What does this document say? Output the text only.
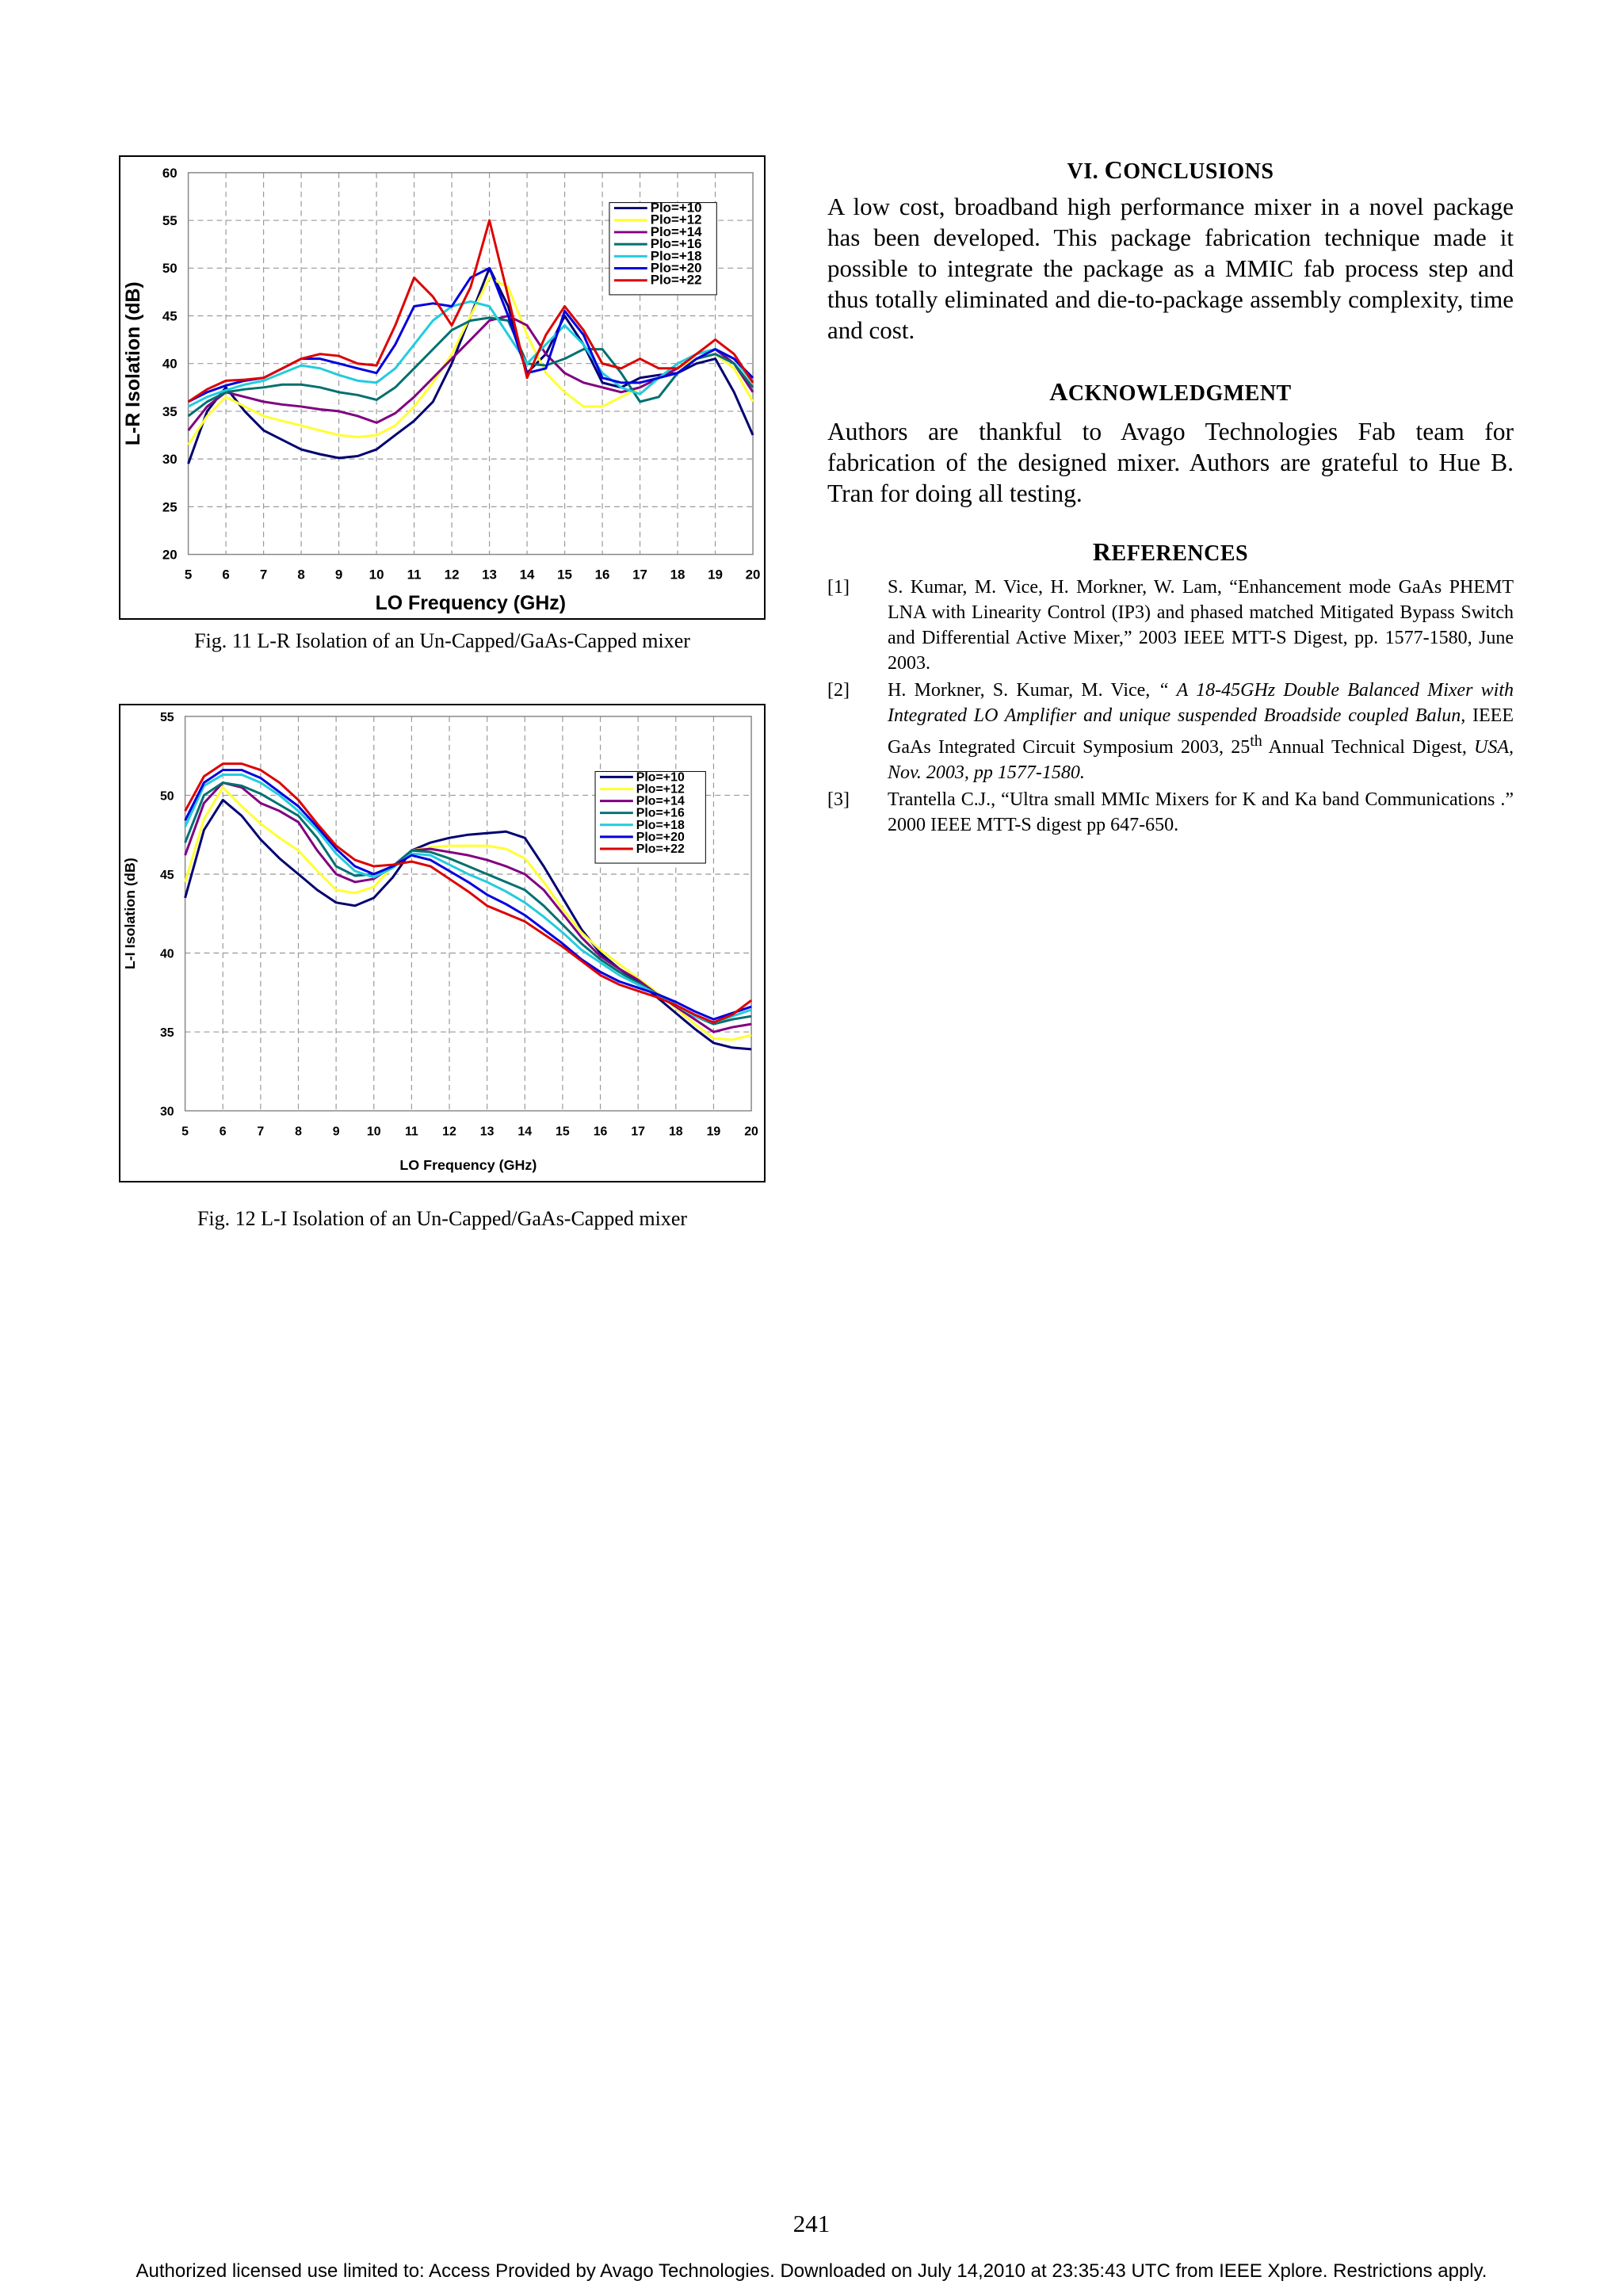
5 6 7 8 9 10 11 12 13 14 15 16 17 18 19 20
20
25
30
35
40
45
50
55
60
Plo=+10
Plo=+12
Plo=+14
Plo=+16
Plo=+18
Plo=+20
Plo=+22
LO Frequency (GHz)
L-R Isolation (dB)
Fig. 11 L-R Isolation of an Un-Capped/GaAs-Capped mixer
5 6 7 8 9 10 11 12 13 14 15 16 17 18 19 20
30
35
40
45
50
55
Plo=+10
Plo=+12
Plo=+14
Plo=+16
Plo=+18
Plo=+20
Plo=+22
LO Frequency (GHz)
L-I Isolation (dB)
Fig. 12 L-I Isolation of an Un-Capped/GaAs-Capped mixer
VI. CONCLUSIONS

A low cost, broadband high performance mixer in a novel package has been developed. This package fabrication technique made it possible to integrate the package as a MMIC fab process step and thus totally eliminated and die-to-package assembly complexity, time and cost.

ACKNOWLEDGMENT

Authors are thankful to Avago Technologies Fab team for fabrication of the designed mixer. Authors are grateful to Hue B. Tran for doing all testing.

REFERENCES
[1]	S. Kumar, M. Vice, H. Morkner, W. Lam, “Enhancement mode GaAs PHEMT LNA with Linearity Control (IP3) and phased matched Mitigated Bypass Switch and Differential Active Mixer,” 2003 IEEE MTT-S Digest, pp. 1577-1580, June 2003.
[2]	H. Morkner, S. Kumar, M. Vice, “ A 18-45GHz Double Balanced Mixer with Integrated LO Amplifier and unique suspended Broadside coupled Balun, IEEE GaAs Integrated Circuit Symposium 2003, 25th Annual Technical Digest, USA, Nov. 2003, pp 1577-1580.
[3]	Trantella C.J., “Ultra small MMIc Mixers for K and Ka band Communications .” 2000 IEEE MTT-S digest pp 647-650.
241
Authorized licensed use limited to: Access Provided by Avago Technologies. Downloaded on July 14,2010 at 23:35:43 UTC from IEEE Xplore. Restrictions apply.
